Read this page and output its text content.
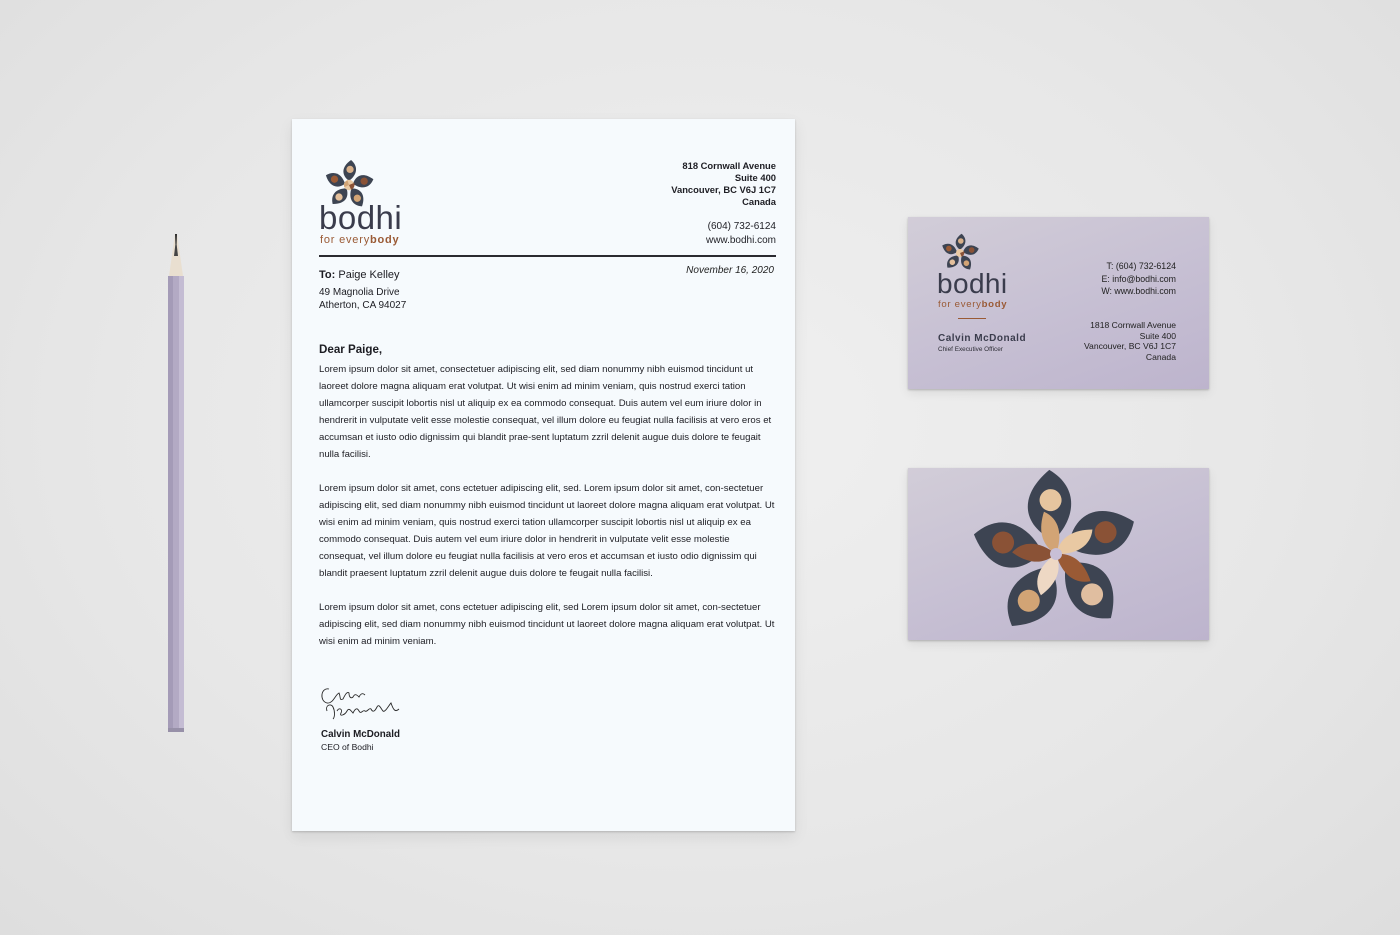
bodhi
for everybody
818 Cornwall Avenue
Suite 400
Vancouver, BC V6J 1C7
Canada
(604) 732-6124
www.bodhi.com
November 16, 2020
To: Paige Kelley
49 Magnolia Drive
Atherton, CA 94027
Dear Paige,

Lorem ipsum dolor sit amet, consectetuer adipiscing elit, sed diam nonummy nibh euismod tincidunt ut laoreet dolore magna aliquam erat volutpat. Ut wisi enim ad minim veniam, quis nostrud exerci tation ullamcorper suscipit lobortis nisl ut aliquip ex ea commodo consequat. Duis autem vel eum iriure dolor in hendrerit in vulputate velit esse molestie consequat, vel illum dolore eu feugiat nulla facilisis at vero eros et accumsan et iusto odio dignissim qui blandit prae-sent luptatum zzril delenit augue duis dolore te feugait nulla facilisi.

Lorem ipsum dolor sit amet, cons ectetuer adipiscing elit, sed. Lorem ipsum dolor sit amet, con-sectetuer adipiscing elit, sed diam nonummy nibh euismod tincidunt ut laoreet dolore magna aliquam erat volutpat. Ut wisi enim ad minim veniam, quis nostrud exerci tation ullamcorper suscipit lobortis nisl ut aliquip ex ea commodo consequat. Duis autem vel eum iriure dolor in hendrerit in vulputate velit esse molestie consequat, vel illum dolore eu feugiat nulla facilisis at vero eros et accumsan et iusto odio dignissim qui blandit praesent luptatum zzril delenit augue duis dolore te feugait nulla facilisi.

Lorem ipsum dolor sit amet, cons ectetuer adipiscing elit, sed Lorem ipsum dolor sit amet, con-sectetuer adipiscing elit, sed diam nonummy nibh euismod tincidunt ut laoreet dolore magna aliquam erat volutpat. Ut wisi enim ad minim veniam.

Calvin McDonald
CEO of Bodhi
bodhi
for everybody
Calvin McDonald
Chief Executive Officer
T: (604) 732-6124
E: info@bodhi.com
W: www.bodhi.com
1818 Cornwall Avenue
Suite 400
Vancouver, BC V6J 1C7
Canada
